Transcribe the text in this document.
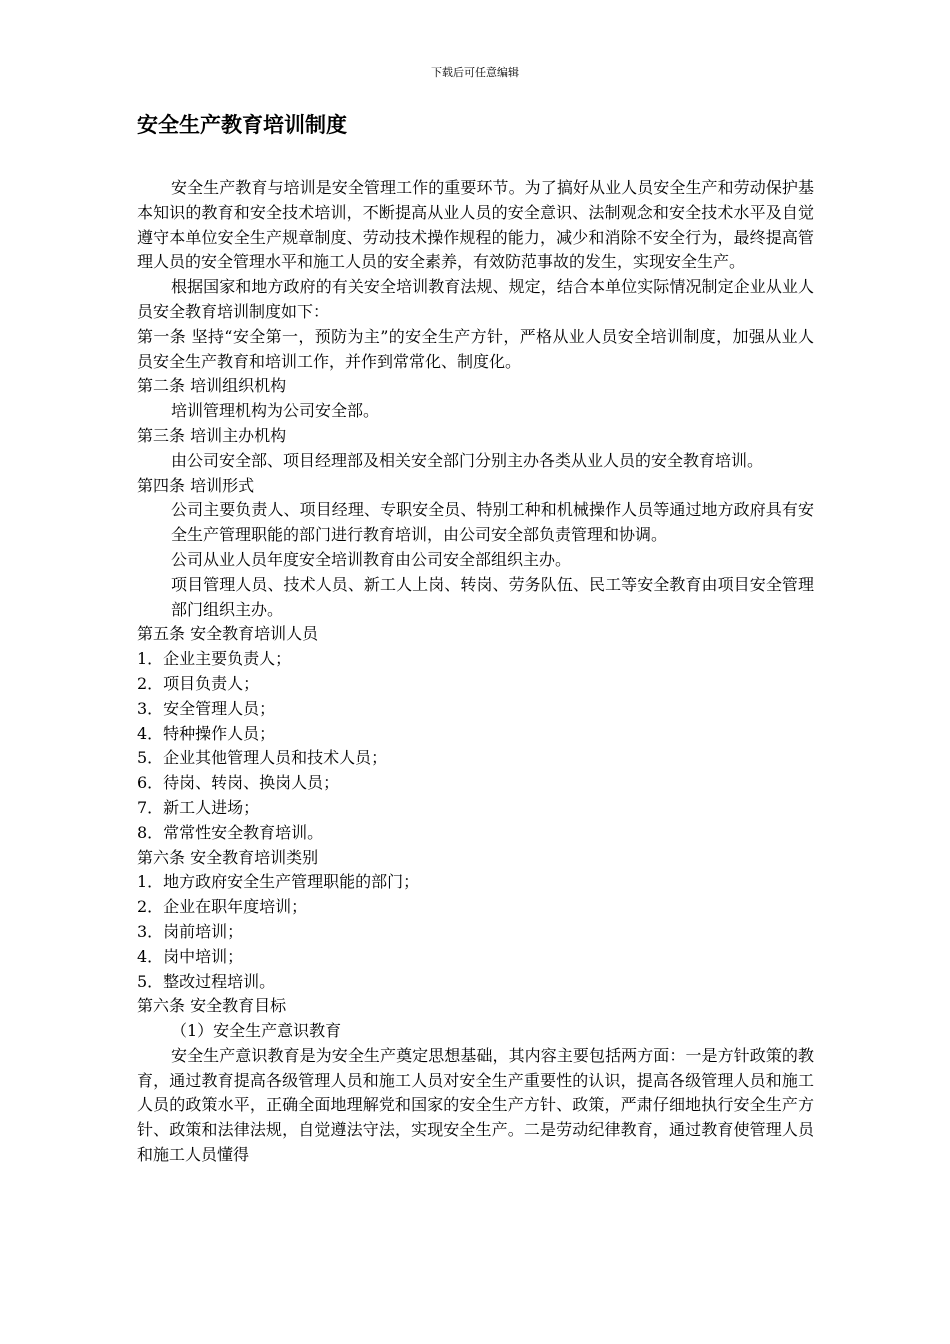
下载后可任意编辑
安全生产教育培训制度

安全生产教育与培训是安全管理工作的重要环节。为了搞好从业人员安全生产和劳动保护基本知识的教育和安全技术培训，不断提高从业人员的安全意识、法制观念和安全技术水平及自觉遵守本单位安全生产规章制度、劳动技术操作规程的能力，减少和消除不安全行为，最终提高管理人员的安全管理水平和施工人员的安全素养，有效防范事故的发生，实现安全生产。

根据国家和地方政府的有关安全培训教育法规、规定，结合本单位实际情况制定企业从业人员安全教育培训制度如下：

第一条 坚持“安全第一，预防为主”的安全生产方针，严格从业人员安全培训制度，加强从业人员安全生产教育和培训工作，并作到常常化、制度化。

第二条 培训组织机构

培训管理机构为公司安全部。

第三条 培训主办机构

由公司安全部、项目经理部及相关安全部门分别主办各类从业人员的安全教育培训。

第四条 培训形式

公司主要负责人、项目经理、专职安全员、特别工种和机械操作人员等通过地方政府具有安全生产管理职能的部门进行教育培训，由公司安全部负责管理和协调。

公司从业人员年度安全培训教育由公司安全部组织主办。

项目管理人员、技术人员、新工人上岗、转岗、劳务队伍、民工等安全教育由项目安全管理部门组织主办。

第五条 安全教育培训人员

1．企业主要负责人；

2．项目负责人；

3．安全管理人员；

4．特种操作人员；

5．企业其他管理人员和技术人员；

6．待岗、转岗、换岗人员；

7．新工人进场；

8．常常性安全教育培训。

第六条 安全教育培训类别

1．地方政府安全生产管理职能的部门；

2．企业在职年度培训；

3．岗前培训；

4．岗中培训；

5．整改过程培训。

第六条 安全教育目标

（1）安全生产意识教育

安全生产意识教育是为安全生产奠定思想基础，其内容主要包括两方面：一是方针政策的教育，通过教育提高各级管理人员和施工人员对安全生产重要性的认识，提高各级管理人员和施工人员的政策水平，正确全面地理解党和国家的安全生产方针、政策，严肃仔细地执行安全生产方针、政策和法律法规，自觉遵法守法，实现安全生产。二是劳动纪律教育，通过教育使管理人员和施工人员懂得
